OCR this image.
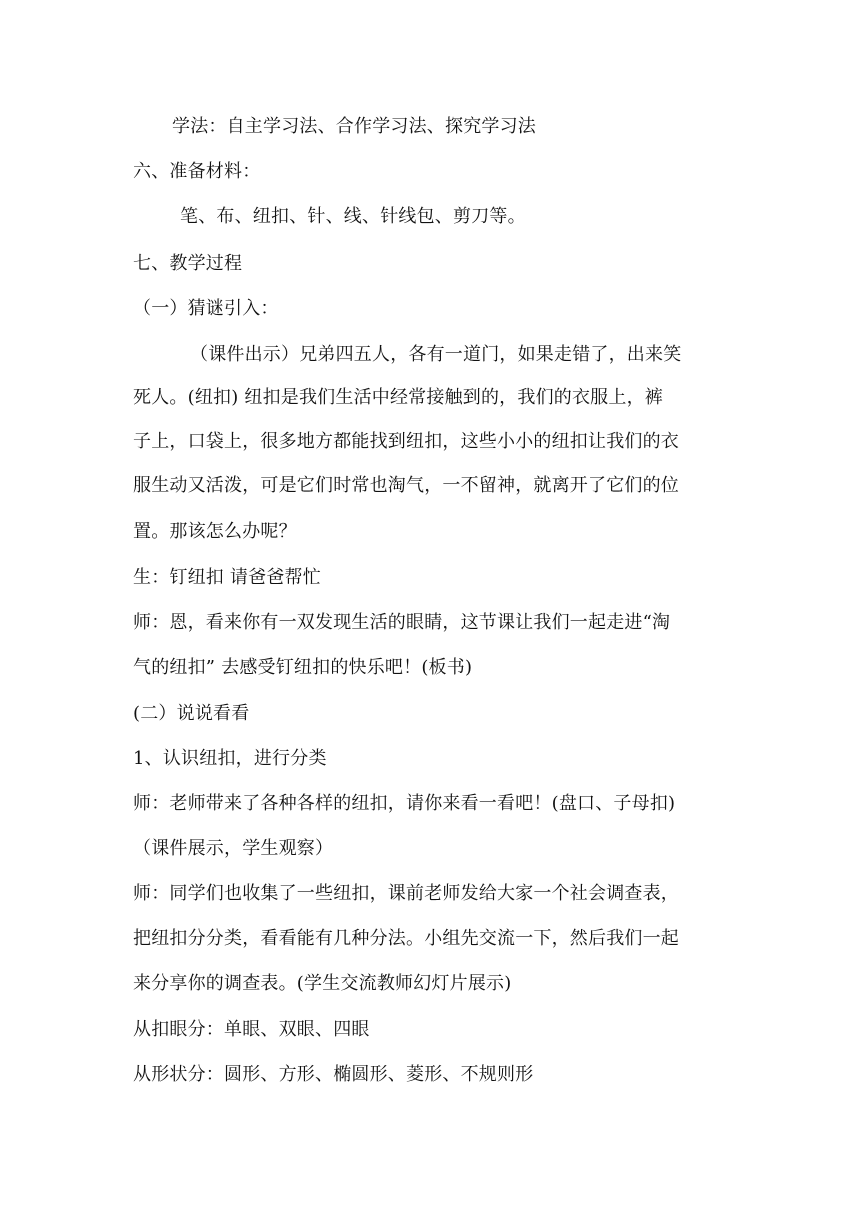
学法：自主学习法、合作学习法、探究学习法
六、准备材料：
笔、布、纽扣、针、线、针线包、剪刀等。
七、教学过程
（一）猜谜引入：
（课件出示）兄弟四五人，各有一道门，如果走错了，出来笑
死人。(纽扣) 纽扣是我们生活中经常接触到的，我们的衣服上，裤
子上，口袋上，很多地方都能找到纽扣，这些小小的纽扣让我们的衣
服生动又活泼，可是它们时常也淘气，一不留神，就离开了它们的位
置。那该怎么办呢？
生：钉纽扣 请爸爸帮忙
师：恩，看来你有一双发现生活的眼睛，这节课让我们一起走进“淘
气的纽扣” 去感受钉纽扣的快乐吧！(板书)
(二）说说看看
1、认识纽扣，进行分类
师：老师带来了各种各样的纽扣，请你来看一看吧！(盘口、子母扣)
（课件展示，学生观察）
师：同学们也收集了一些纽扣，课前老师发给大家一个社会调查表，
把纽扣分分类，看看能有几种分法。小组先交流一下，然后我们一起
来分享你的调查表。(学生交流教师幻灯片展示)
从扣眼分：单眼、双眼、四眼
从形状分：圆形、方形、椭圆形、菱形、不规则形
